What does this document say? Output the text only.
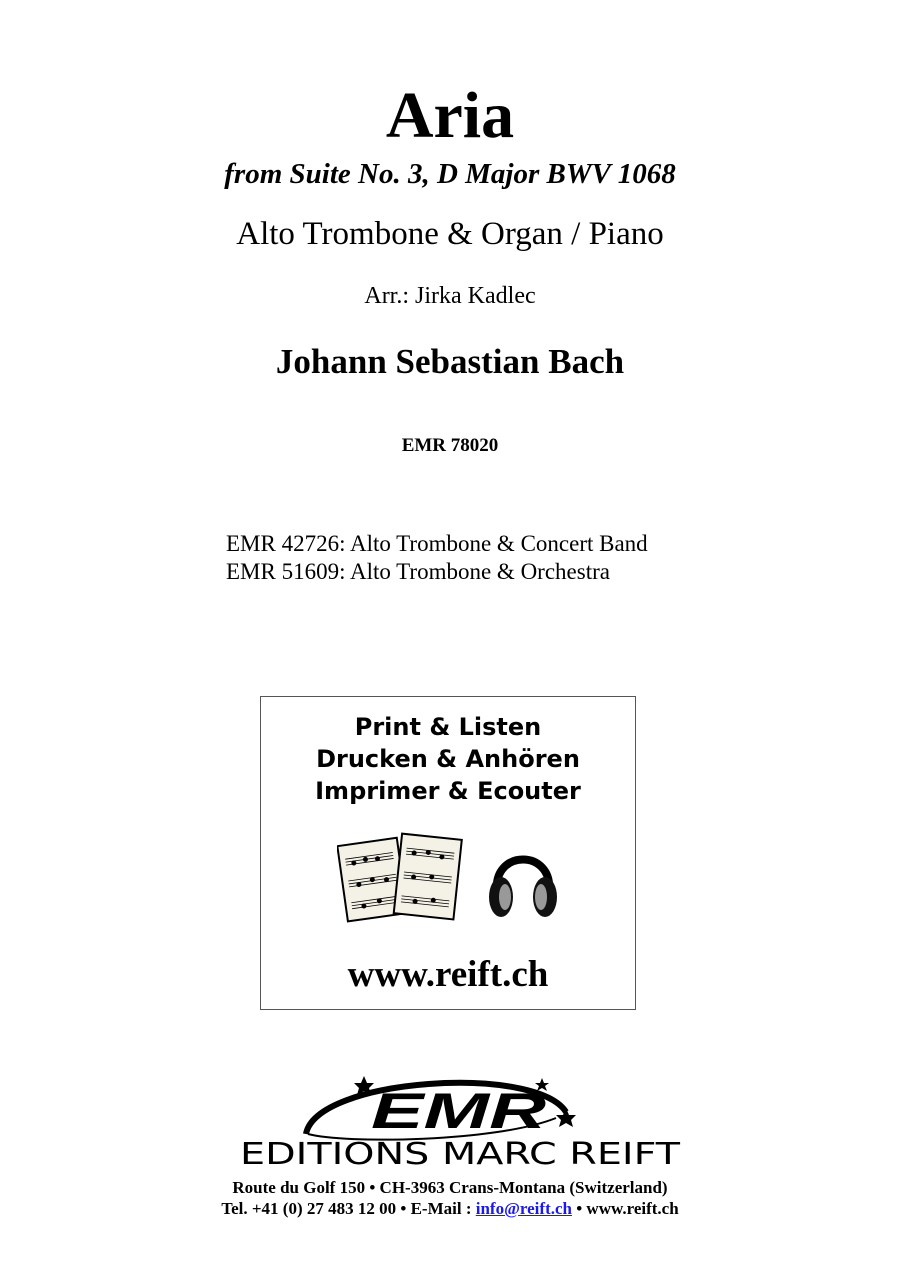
Aria
from Suite No. 3, D Major BWV 1068
Alto Trombone & Organ / Piano
Arr.: Jirka Kadlec
Johann Sebastian Bach
EMR 78020
EMR 42726: Alto Trombone & Concert Band
EMR 51609: Alto Trombone & Orchestra
Print & Listen
Drucken & Anhören
Imprimer & Ecouter
www.reift.ch
EMR
EDITIONS MARC REIFT
Route du Golf 150 • CH-3963 Crans-Montana (Switzerland)
Tel. +41 (0) 27 483 12 00 • E-Mail : info@reift.ch • www.reift.ch
